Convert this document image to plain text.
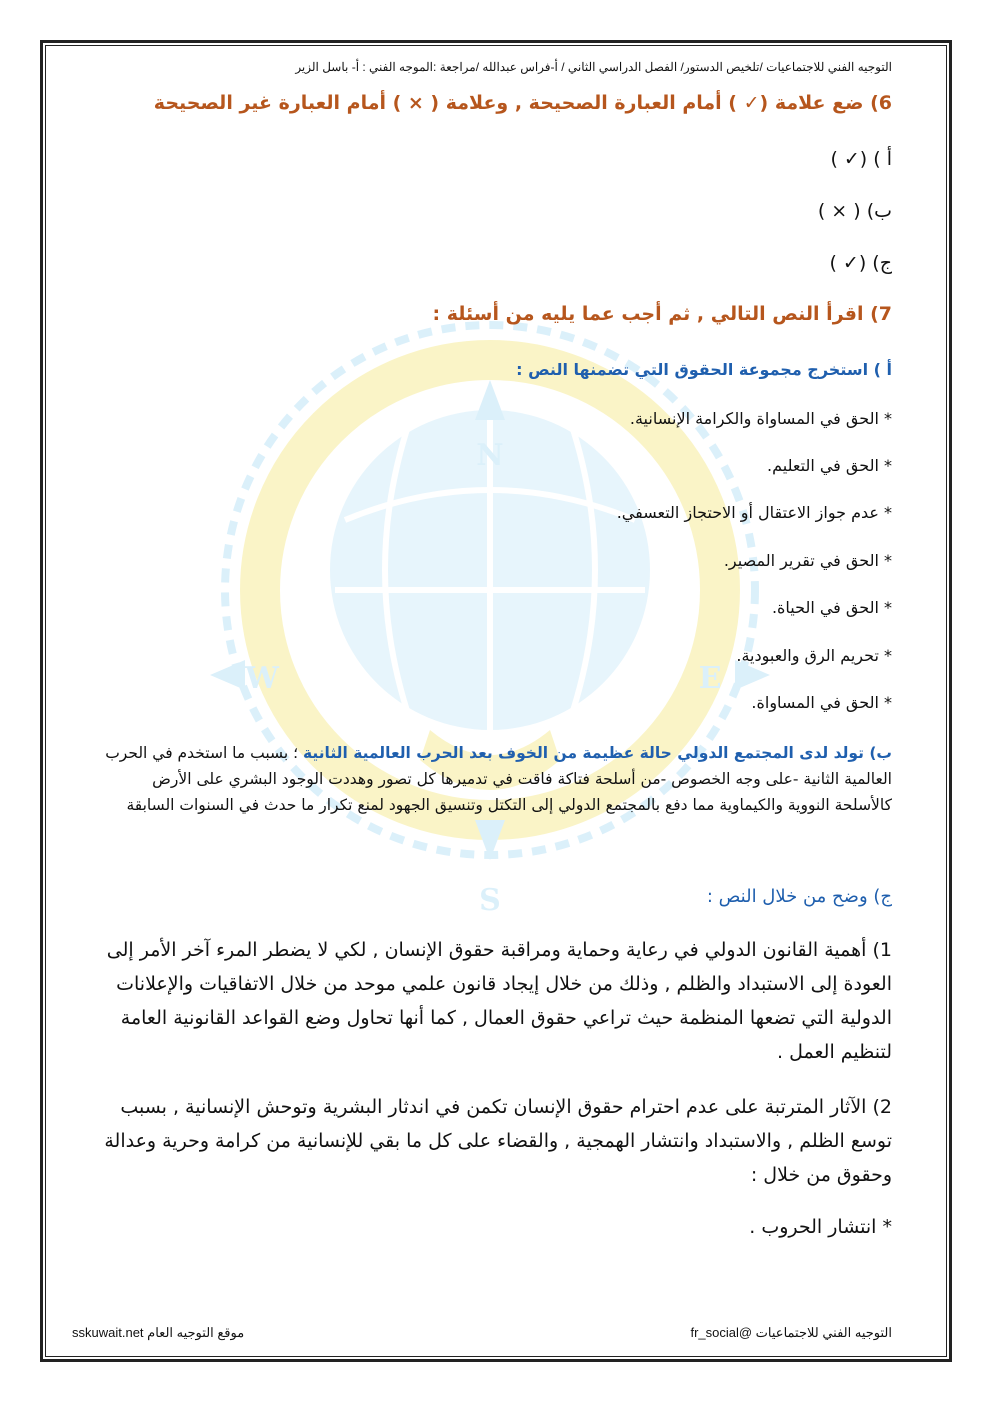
N
S
W	E
التوجيه الفني للاجتماعيات /تلخيص الدستور/ الفصل الدراسي الثاني / أ-فراس عبدالله /مراجعة :الموجه الفني : أ- باسل الزير
6) ضع علامة (✓ ) أمام العبارة الصحيحة , وعلامة ( × ) أمام العبارة غير الصحيحة
أ ) (✓ )
ب) ( × )
ج) (✓ )
7) اقرأ النص التالي , ثم أجب عما يليه من أسئلة :
أ ) استخرج مجموعة الحقوق التي تضمنها النص :
* الحق في المساواة والكرامة الإنسانية.
* الحق في التعليم.
* عدم جواز الاعتقال أو الاحتجاز التعسفي.
* الحق في تقرير المصير.
* الحق في الحياة.
* تحريم الرق والعبودية.
* الحق في المساواة.
ب) تولد لدى المجتمع الدولي حالة عظيمة من الخوف بعد الحرب العالمية الثانية ؛ بسبب ما استخدم في الحرب العالمية الثانية -على وجه الخصوص -من أسلحة فتاكة فاقت في تدميرها كل تصور وهددت الوجود البشري على الأرض كالأسلحة النووية والكيماوية مما دفع بالمجتمع الدولي إلى التكتل وتنسيق الجهود لمنع تكرار ما حدث في السنوات السابقة
ج) وضح من خلال النص :
1) أهمية القانون الدولي في رعاية وحماية ومراقبة حقوق الإنسان , لكي لا يضطر المرء آخر الأمر إلى العودة إلى الاستبداد والظلم , وذلك من خلال إيجاد قانون علمي موحد من خلال الاتفاقيات والإعلانات الدولية التي تضعها المنظمة حيث تراعي حقوق العمال , كما أنها تحاول وضع القواعد القانونية العامة لتنظيم العمل .
2) الآثار المترتبة على عدم احترام حقوق الإنسان تكمن في اندثار البشرية وتوحش الإنسانية , بسبب توسع الظلم , والاستبداد وانتشار الهمجية , والقضاء على كل ما بقي للإنسانية من كرامة وحرية وعدالة وحقوق من خلال :
* انتشار الحروب .
التوجيه الفني للاجتماعيات @fr_social
موقع التوجيه العام sskuwait.net
